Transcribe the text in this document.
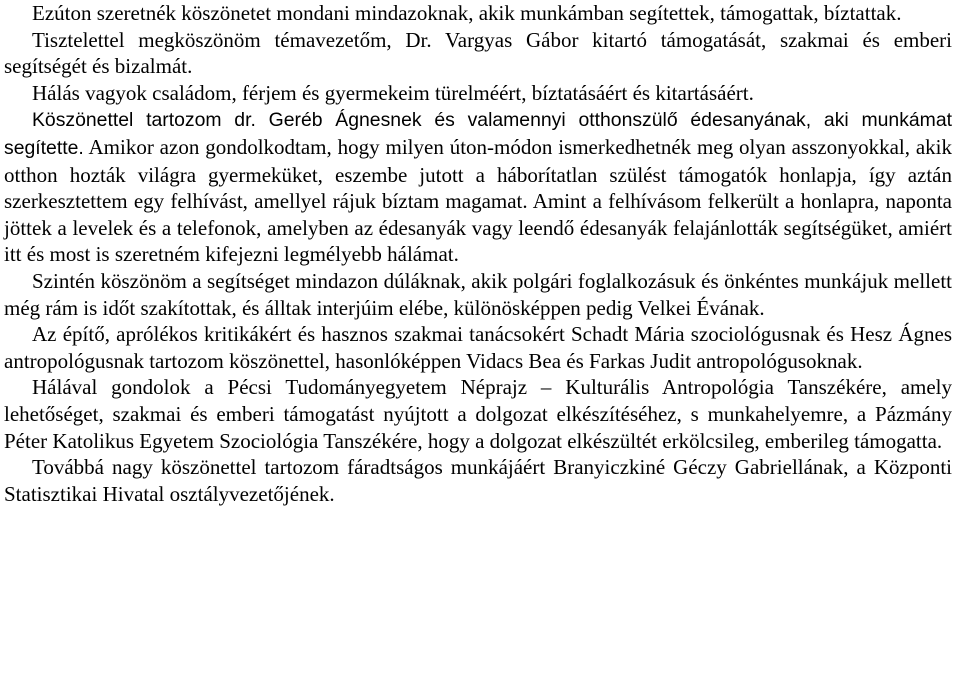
Ezúton szeretnék köszönetet mondani mindazoknak, akik munkámban segítettek, támogattak, bíztattak.

Tisztelettel megköszönöm témavezetőm, Dr. Vargyas Gábor kitartó támogatását, szakmai és emberi segítségét és bizalmát.

Hálás vagyok családom, férjem és gyermekeim türelméért, bíztatásáért és kitartásáért.

Köszönettel tartozom dr. Geréb Ágnesnek és valamennyi otthonszülő édesanyának, aki munkámat segítette. Amikor azon gondolkodtam, hogy milyen úton-módon ismerkedhetnék meg olyan asszonyokkal, akik otthon hozták világra gyermeküket, eszembe jutott a háborítatlan szülést támogatók honlapja, így aztán szerkesztettem egy felhívást, amellyel rájuk bíztam magamat. Amint a felhívásom felkerült a honlapra, naponta jöttek a levelek és a telefonok, amelyben az édesanyák vagy leendő édesanyák felajánlották segítségüket, amiért itt és most is szeretném kifejezni legmélyebb hálámat.

Szintén köszönöm a segítséget mindazon dúláknak, akik polgári foglalkozásuk és önkéntes munkájuk mellett még rám is időt szakítottak, és álltak interjúim elébe, különösképpen pedig Velkei Évának.

Az építő, aprólékos kritikákért és hasznos szakmai tanácsokért Schadt Mária szociológusnak és Hesz Ágnes antropológusnak tartozom köszönettel, hasonlóképpen Vidacs Bea és Farkas Judit antropológusoknak.

Hálával gondolok a Pécsi Tudományegyetem Néprajz – Kulturális Antropológia Tanszékére, amely lehetőséget, szakmai és emberi támogatást nyújtott a dolgozat elkészítéséhez, s munkahelyemre, a Pázmány Péter Katolikus Egyetem Szociológia Tanszékére, hogy a dolgozat elkészültét erkölcsileg, emberileg támogatta.

Továbbá nagy köszönettel tartozom fáradtságos munkájáért Branyiczkiné Géczy Gabriellának, a Központi Statisztikai Hivatal osztályvezetőjének.
